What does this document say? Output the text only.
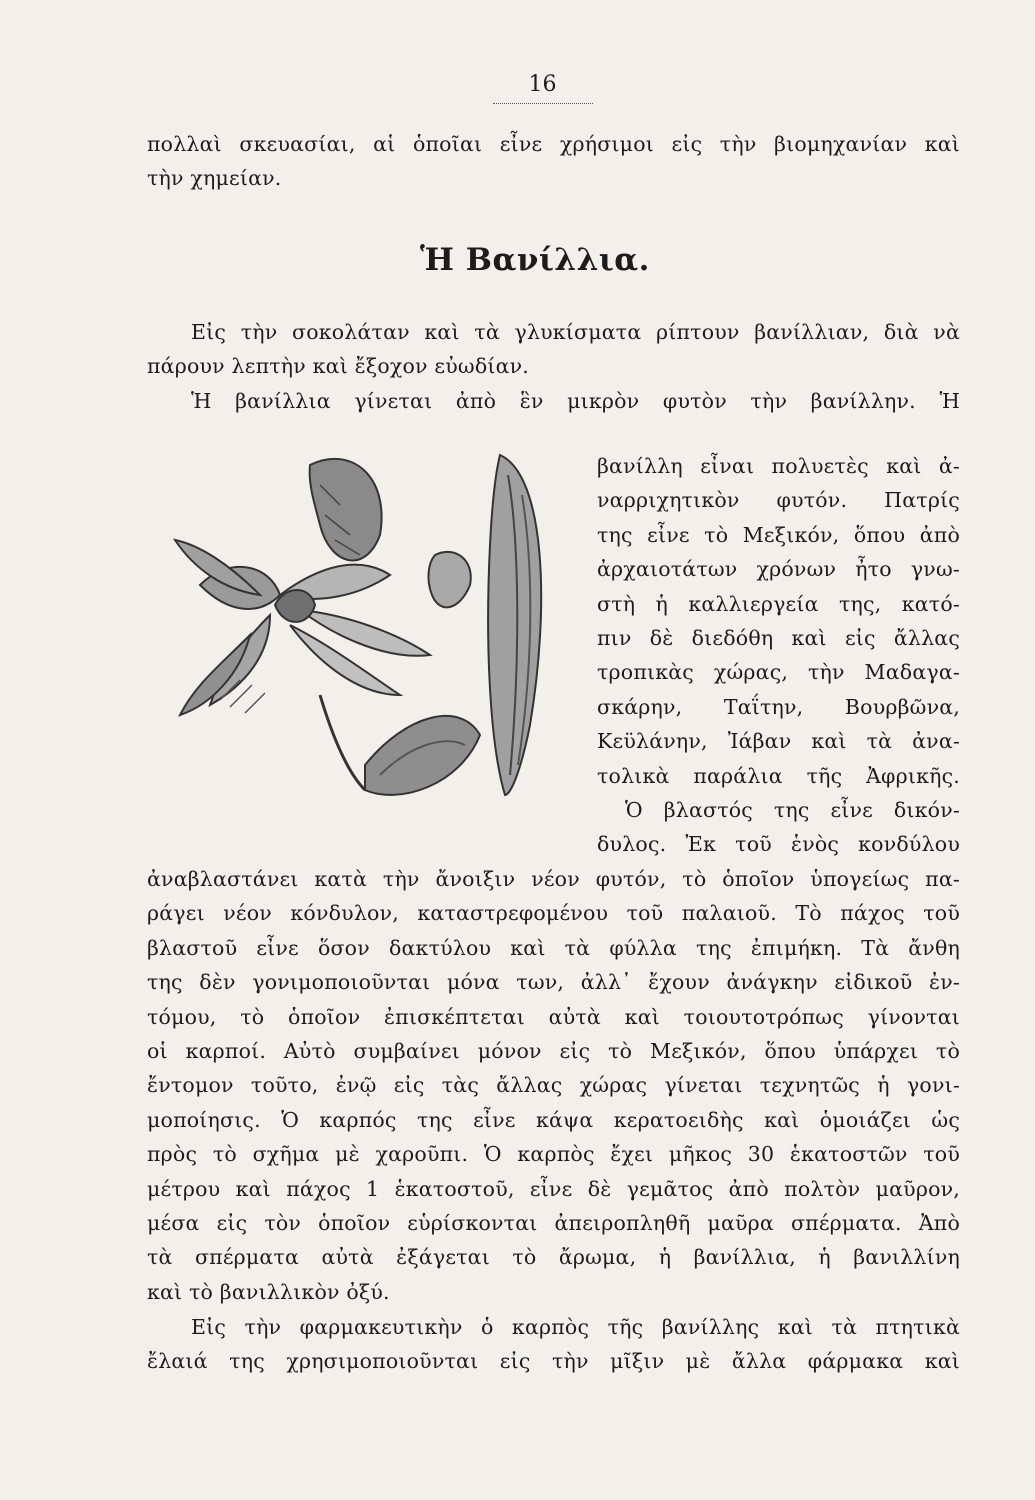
16
πολλαὶ σκευασίαι, αἱ ὁποῖαι εἶνε χρήσιμοι εἰς τὴν βιομηχανίαν καὶ
τὴν χημείαν.
Ἡ Βανίλλια.
Εἰς τὴν σοκολάταν καὶ τὰ γλυκίσματα ρίπτουν βανίλλιαν, διὰ νὰ
πάρουν λεπτὴν καὶ ἔξοχον εὐωδίαν.
Ἡ βανίλλια γίνεται ἀπὸ ἓν μικρὸν φυτὸν τὴν βανίλλην. Ἡ
βανίλλη εἶναι πολυετὲς καὶ ἀ-
ναρριχητικὸν φυτόν. Πατρίς
της εἶνε τὸ Μεξικόν, ὅπου ἀπὸ
ἀρχαιοτάτων χρόνων ἦτο γνω-
στὴ ἡ καλλιεργεία της, κατό-
πιν δὲ διεδόθη καὶ εἰς ἄλλας
τροπικὰς χώρας, τὴν Μαδαγα-
σκάρην, Ταΐτην, Βουρβῶνα,
Κεϋλάνην, Ἰάβαν καὶ τὰ ἀνα-
τολικὰ παράλια τῆς Ἀφρικῆς.
Ὁ βλαστός της εἶνε δικόν-
δυλος. Ἐκ τοῦ ἑνὸς κονδύλου
ἀναβλαστάνει κατὰ τὴν ἄνοιξιν νέον φυτόν, τὸ ὁποῖον ὑπογείως πα-
ράγει νέον κόνδυλον, καταστρεφομένου τοῦ παλαιοῦ. Τὸ πάχος τοῦ
βλαστοῦ εἶνε ὅσον δακτύλου καὶ τὰ φύλλα της ἐπιμήκη. Τὰ ἄνθη
της δὲν γονιμοποιοῦνται μόνα των, ἀλλ᾽ ἔχουν ἀνάγκην εἰδικοῦ ἐν-
τόμου, τὸ ὁποῖον ἐπισκέπτεται αὐτὰ καὶ τοιουτοτρόπως γίνονται
οἱ καρποί. Αὐτὸ συμβαίνει μόνον εἰς τὸ Μεξικόν, ὅπου ὑπάρχει τὸ
ἔντομον τοῦτο, ἐνῷ εἰς τὰς ἄλλας χώρας γίνεται τεχνητῶς ἡ γονι-
μοποίησις. Ὁ καρπός της εἶνε κάψα κερατοειδὴς καὶ ὁμοιάζει ὡς
πρὸς τὸ σχῆμα μὲ χαροῦπι. Ὁ καρπὸς ἔχει μῆκος 30 ἑκατοστῶν τοῦ
μέτρου καὶ πάχος 1 ἑκατοστοῦ, εἶνε δὲ γεμᾶτος ἀπὸ πολτὸν μαῦρον,
μέσα εἰς τὸν ὁποῖον εὑρίσκονται ἀπειροπληθῆ μαῦρα σπέρματα. Ἀπὸ
τὰ σπέρματα αὐτὰ ἐξάγεται τὸ ἄρωμα, ἡ βανίλλια, ἡ βανιλλίνη
καὶ τὸ βανιλλικὸν ὀξύ.
Εἰς τὴν φαρμακευτικὴν ὁ καρπὸς τῆς βανίλλης καὶ τὰ πτητικὰ
ἔλαιά της χρησιμοποιοῦνται εἰς τὴν μῖξιν μὲ ἄλλα φάρμακα καὶ
